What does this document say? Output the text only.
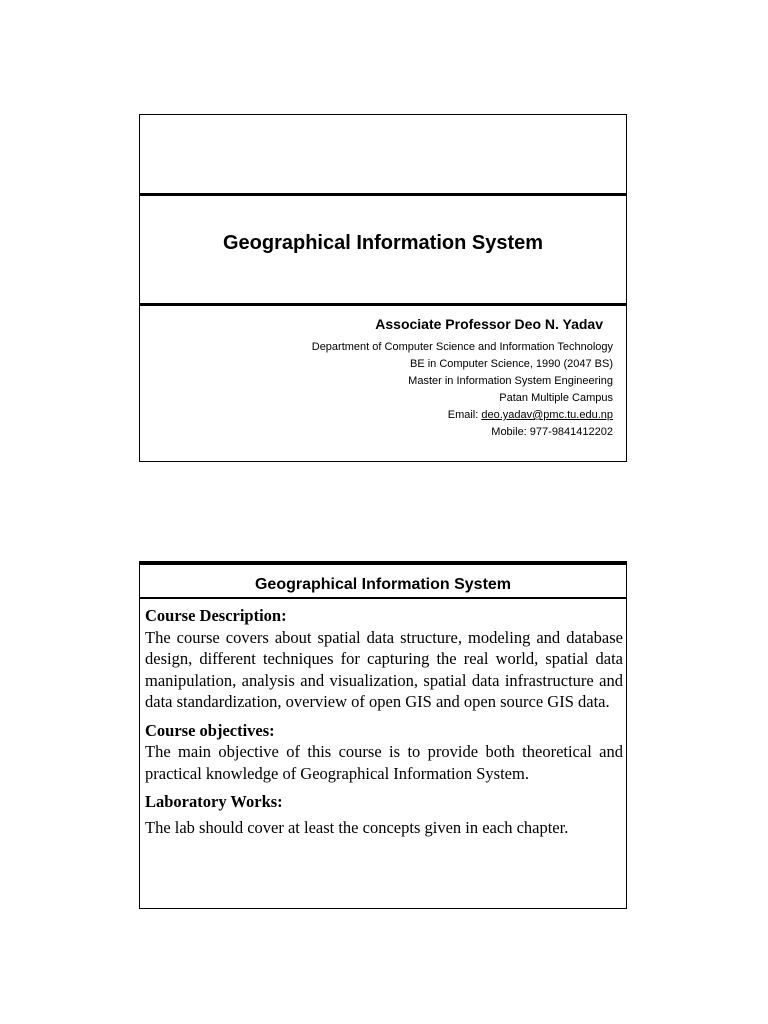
Geographical Information System
Associate Professor Deo N. Yadav
Department of Computer Science and Information Technology
BE in Computer Science, 1990 (2047 BS)
Master in Information System Engineering
Patan Multiple Campus
Email: deo.yadav@pmc.tu.edu.np
Mobile: 977-9841412202
Geographical Information System
Course Description:

The course covers about spatial data structure, modeling and database design, different techniques for capturing the real world, spatial data manipulation, analysis and visualization, spatial data infrastructure and data standardization, overview of open GIS and open source GIS data.

Course objectives:

The main objective of this course is to provide both theoretical and practical knowledge of Geographical Information System.

Laboratory Works:

The lab should cover at least the concepts given in each chapter.
